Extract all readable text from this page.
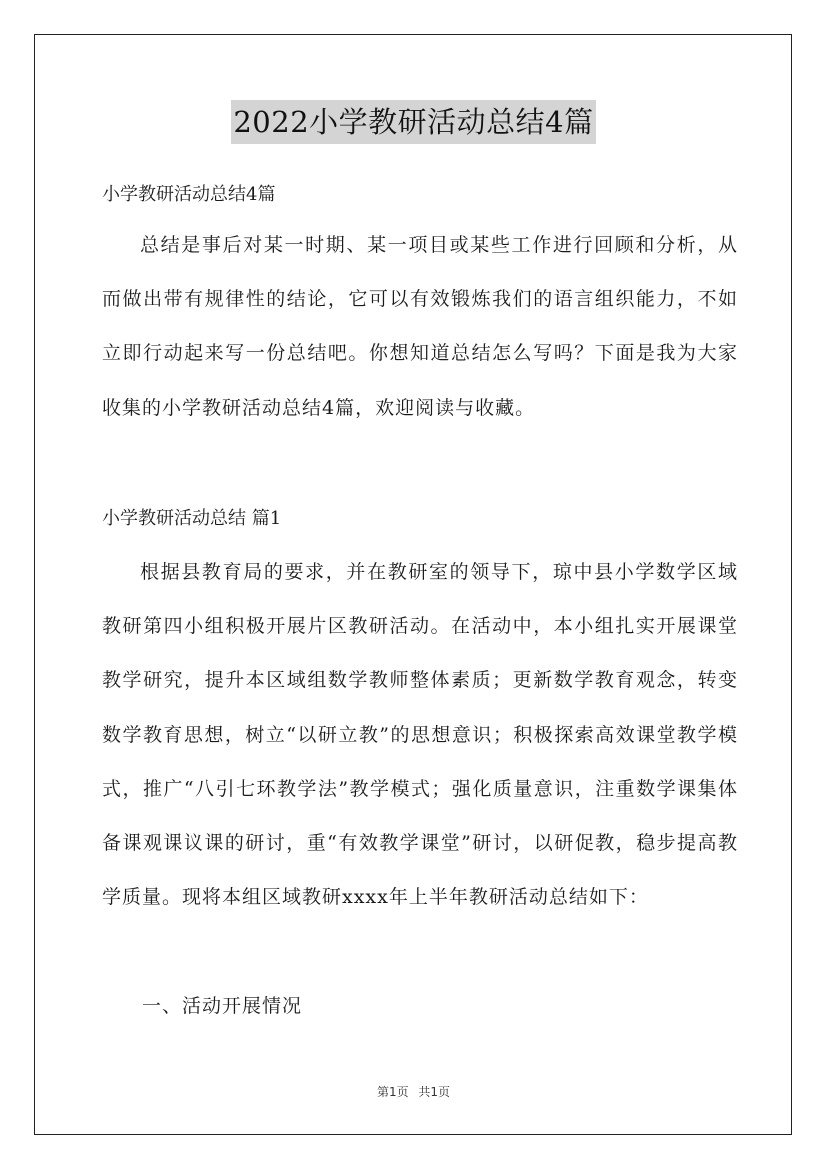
2022小学教研活动总结4篇

小学教研活动总结4篇

总结是事后对某一时期、某一项目或某些工作进行回顾和分析，从而做出带有规律性的结论，它可以有效锻炼我们的语言组织能力，不如立即行动起来写一份总结吧。你想知道总结怎么写吗？下面是我为大家收集的小学教研活动总结4篇，欢迎阅读与收藏。

小学教研活动总结 篇1

根据县教育局的要求，并在教研室的领导下，琼中县小学数学区域教研第四小组积极开展片区教研活动。在活动中，本小组扎实开展课堂教学研究，提升本区域组数学教师整体素质；更新数学教育观念，转变数学教育思想，树立“以研立教”的思想意识；积极探索高效课堂教学模式，推广“八引七环教学法”教学模式；强化质量意识，注重数学课集体备课观课议课的研讨，重“有效教学课堂”研讨，以研促教，稳步提高教学质量。现将本组区域教研xxxx年上半年教研活动总结如下：

一、活动开展情况

第1页 共1页
